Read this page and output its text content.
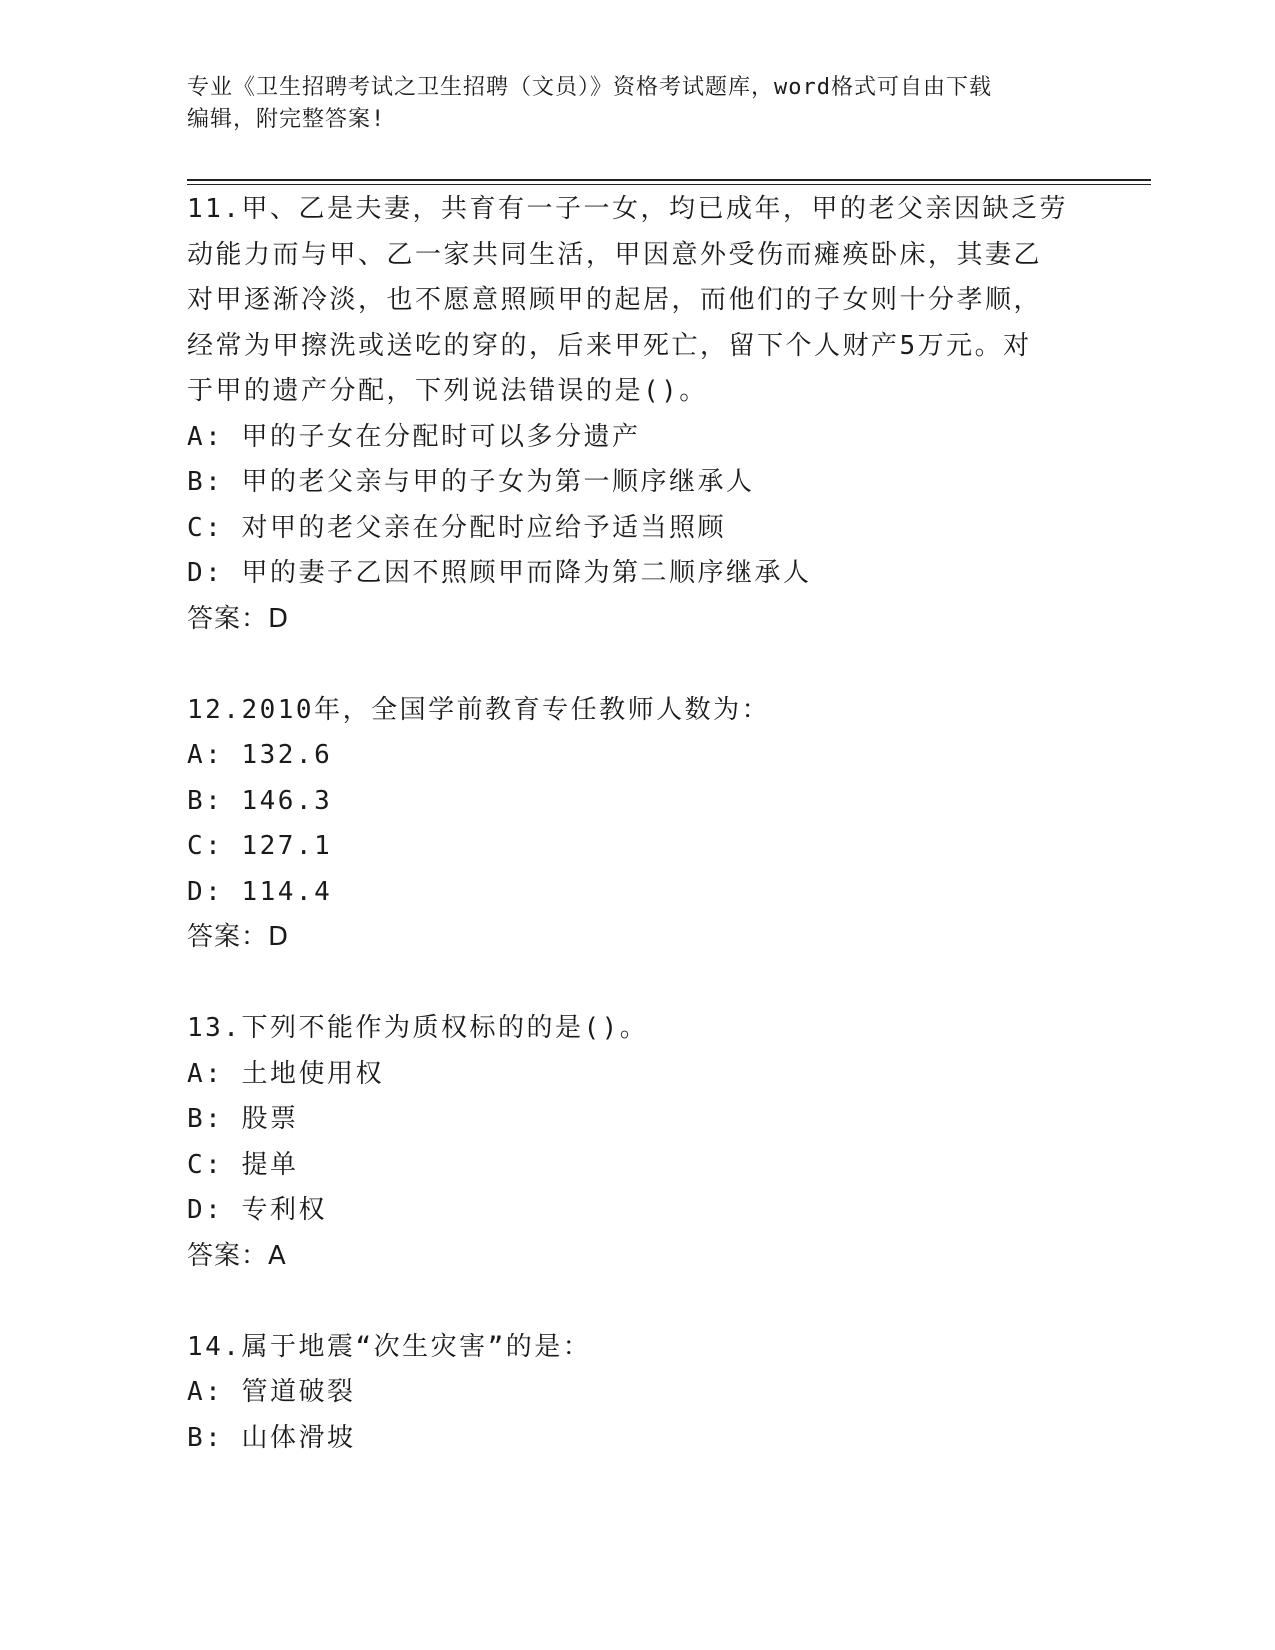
专业《卫生招聘考试之卫生招聘（文员）》资格考试题库，word格式可自由下载
编辑，附完整答案!
11.甲、乙是夫妻，共育有一子一女，均已成年，甲的老父亲因缺乏劳
动能力而与甲、乙一家共同生活，甲因意外受伤而瘫痪卧床，其妻乙
对甲逐渐冷淡，也不愿意照顾甲的起居，而他们的子女则十分孝顺，
经常为甲擦洗或送吃的穿的，后来甲死亡，留下个人财产5万元。对
于甲的遗产分配，下列说法错误的是()。
A: 甲的子女在分配时可以多分遗产
B: 甲的老父亲与甲的子女为第一顺序继承人
C: 对甲的老父亲在分配时应给予适当照顾
D: 甲的妻子乙因不照顾甲而降为第二顺序继承人
答案：D
12.2010年，全国学前教育专任教师人数为：
A: 132.6
B: 146.3
C: 127.1
D: 114.4
答案：D
13.下列不能作为质权标的的是()。
A: 土地使用权
B: 股票
C: 提单
D: 专利权
答案：A
14.属于地震“次生灾害”的是：
A: 管道破裂
B: 山体滑坡
